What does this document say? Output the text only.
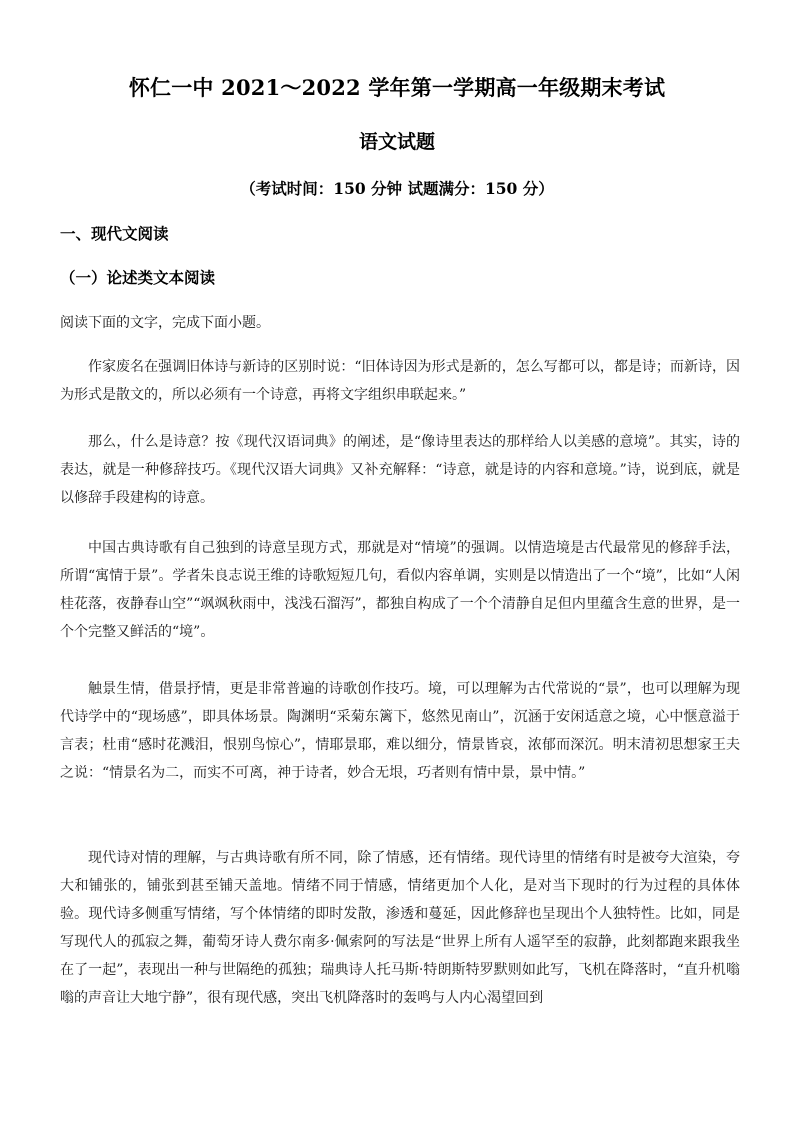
怀仁一中 2021～2022 学年第一学期高一年级期末考试
语文试题
（考试时间：150 分钟 试题满分：150 分）
一、现代文阅读
（一）论述类文本阅读
阅读下面的文字，完成下面小题。

作家废名在强调旧体诗与新诗的区别时说：“旧体诗因为形式是新的，怎么写都可以，都是诗；而新诗，因为形式是散文的，所以必须有一个诗意，再将文字组织串联起来。”

那么，什么是诗意？按《现代汉语词典》的阐述，是“像诗里表达的那样给人以美感的意境”。其实，诗的表达，就是一种修辞技巧。《现代汉语大词典》又补充解释：“诗意，就是诗的内容和意境。”诗，说到底，就是以修辞手段建构的诗意。

中国古典诗歌有自己独到的诗意呈现方式，那就是对“情境”的强调。以情造境是古代最常见的修辞手法，所谓“寓情于景”。学者朱良志说王维的诗歌短短几句，看似内容单调，实则是以情造出了一个“境”，比如“人闲桂花落，夜静春山空”“飒飒秋雨中，浅浅石溜泻”，都独自构成了一个个清静自足但内里蕴含生意的世界，是一个个完整又鲜活的“境”。

触景生情，借景抒情，更是非常普遍的诗歌创作技巧。境，可以理解为古代常说的“景”，也可以理解为现代诗学中的“现场感”，即具体场景。陶渊明“采菊东篱下，悠然见南山”，沉涵于安闲适意之境，心中惬意溢于言表；杜甫“感时花溅泪，恨别鸟惊心”，情耶景耶，难以细分，情景皆哀，浓郁而深沉。明末清初思想家王夫之说：“情景名为二，而实不可离，神于诗者，妙合无垠，巧者则有情中景，景中情。”

现代诗对情的理解，与古典诗歌有所不同，除了情感，还有情绪。现代诗里的情绪有时是被夸大渲染，夸大和铺张的，铺张到甚至铺天盖地。情绪不同于情感，情绪更加个人化，是对当下现时的行为过程的具体体验。现代诗多侧重写情绪，写个体情绪的即时发散，渗透和蔓延，因此修辞也呈现出个人独特性。比如，同是写现代人的孤寂之舞，葡萄牙诗人费尔南多·佩索阿的写法是“世界上所有人遥罕至的寂静，此刻都跑来跟我坐在了一起”，表现出一种与世隔绝的孤独；瑞典诗人托马斯·特朗斯特罗默则如此写，飞机在降落时，“直升机嗡嗡的声音让大地宁静”，很有现代感，突出飞机降落时的轰鸣与人内心渴望回到
